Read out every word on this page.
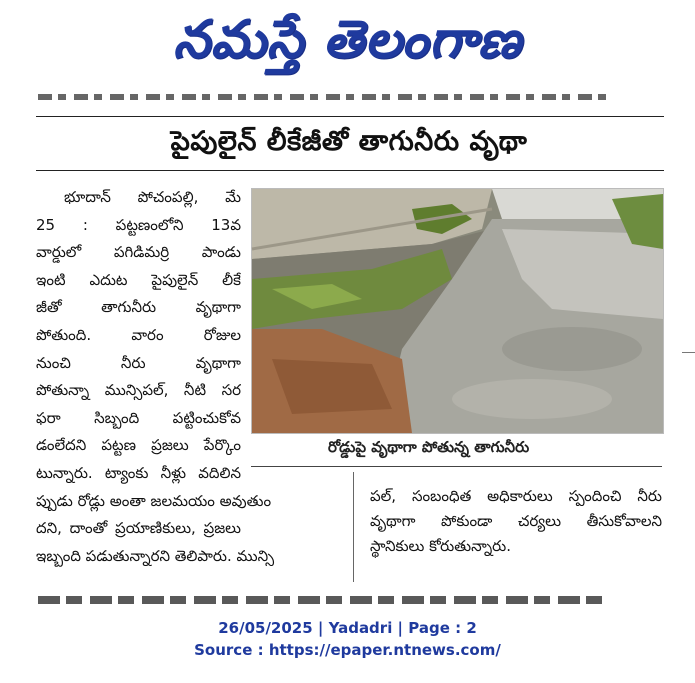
నమస్తే తెలంగాణ
పైపులైన్ లీకేజీతో తాగునీరు వృథా
భూదాన్ పోచంపల్లి, మే
25 : పట్టణంలోని 13వ
వార్డులో పగిడిమర్రి పాండు
ఇంటి ఎదుట పైపులైన్ లీకే
జీతో తాగునీరు వృథాగా
పోతుంది. వారం రోజుల
నుంచి నీరు వృథాగా
పోతున్నా మున్సిపల్, నీటి సర
ఫరా సిబ్బంది పట్టించుకోవ
డంలేదని పట్టణ ప్రజలు పేర్కొం
టున్నారు. ట్యాంకు నీళ్లు వదిలిన
ప్పుడు రోడ్లు అంతా జలమయం అవుతుం
దని, దాంతో ప్రయాణికులు, ప్రజలు
ఇబ్బంది పడుతున్నారని తెలిపారు. మున్సి
రోడ్డుపై వృథాగా పోతున్న తాగునీరు
పల్, సంబంధిత అధికారులు స్పందించి నీరు
వృథాగా పోకుండా చర్యలు తీసుకోవాలని
స్థానికులు కోరుతున్నారు.
26/05/2025 | Yadadri | Page : 2
Source : https://epaper.ntnews.com/
